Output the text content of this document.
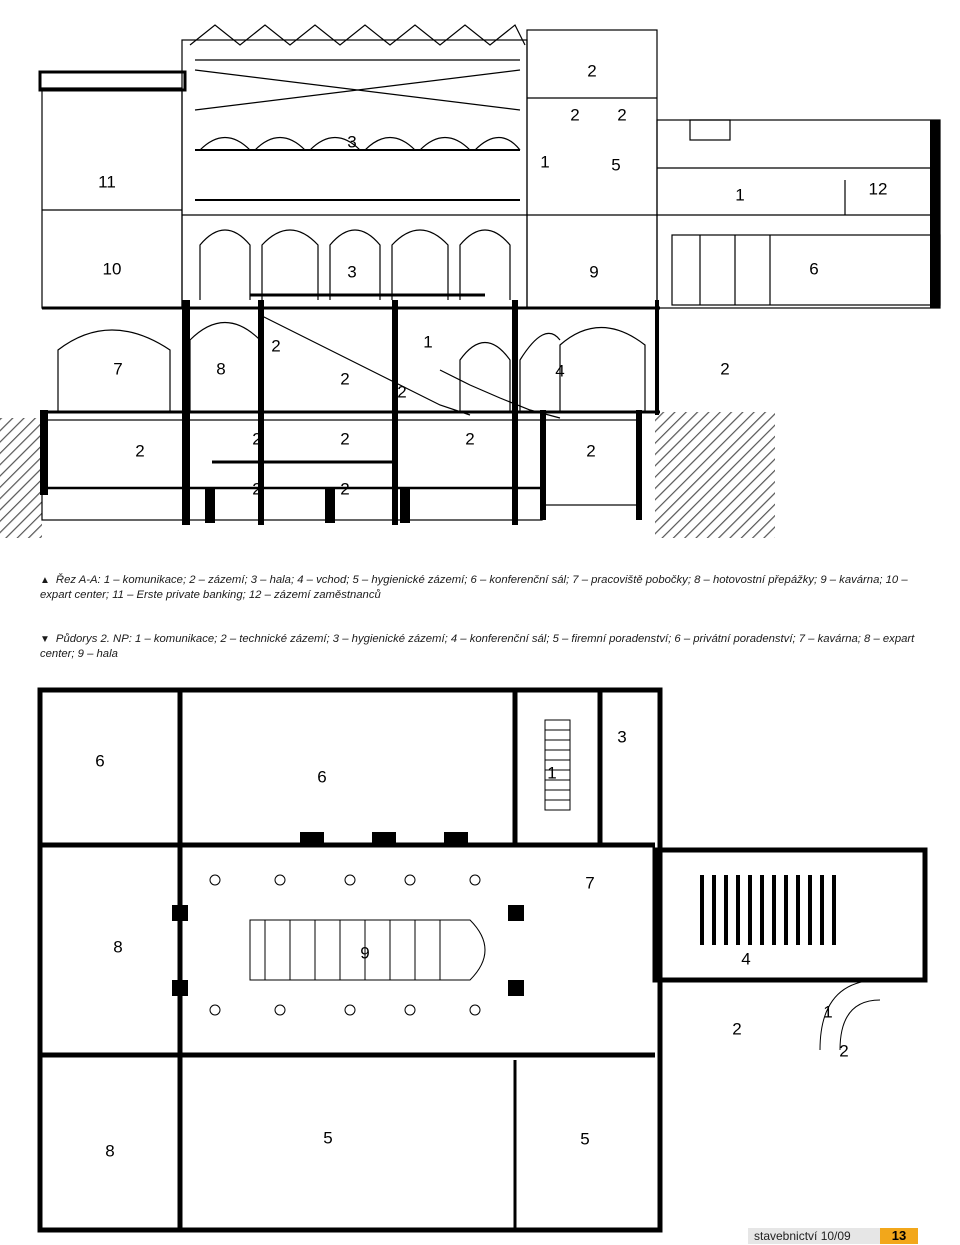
2
3
2 2
11
1	5
1	12
10	3	9	6
2	1
7	8
2
2
4	2
2
2	2	2
2
2	2
▲ Řez A-A: 1 – komunikace; 2 – zázemí; 3 – hala; 4 – vchod; 5 – hygienické zázemí; 6 – konferenční sál; 7 – pracoviště pobočky; 8 – hotovostní přepážky; 9 – kavárna; 10 – expart center; 11 – Erste private banking; 12 – zázemí zaměstnanců
▼ Půdorys 2. NP: 1 – komunikace; 2 – technické zázemí; 3 – hygienické zázemí; 4 – konferenční sál; 5 – firemní poradenství; 6 – privátní poradenství; 7 – kavárna; 8 – expart center; 9 – hala
3
6
6	1
7
8	9	4
2
1
2
8
5	5
stavebnictví 10/09	13
